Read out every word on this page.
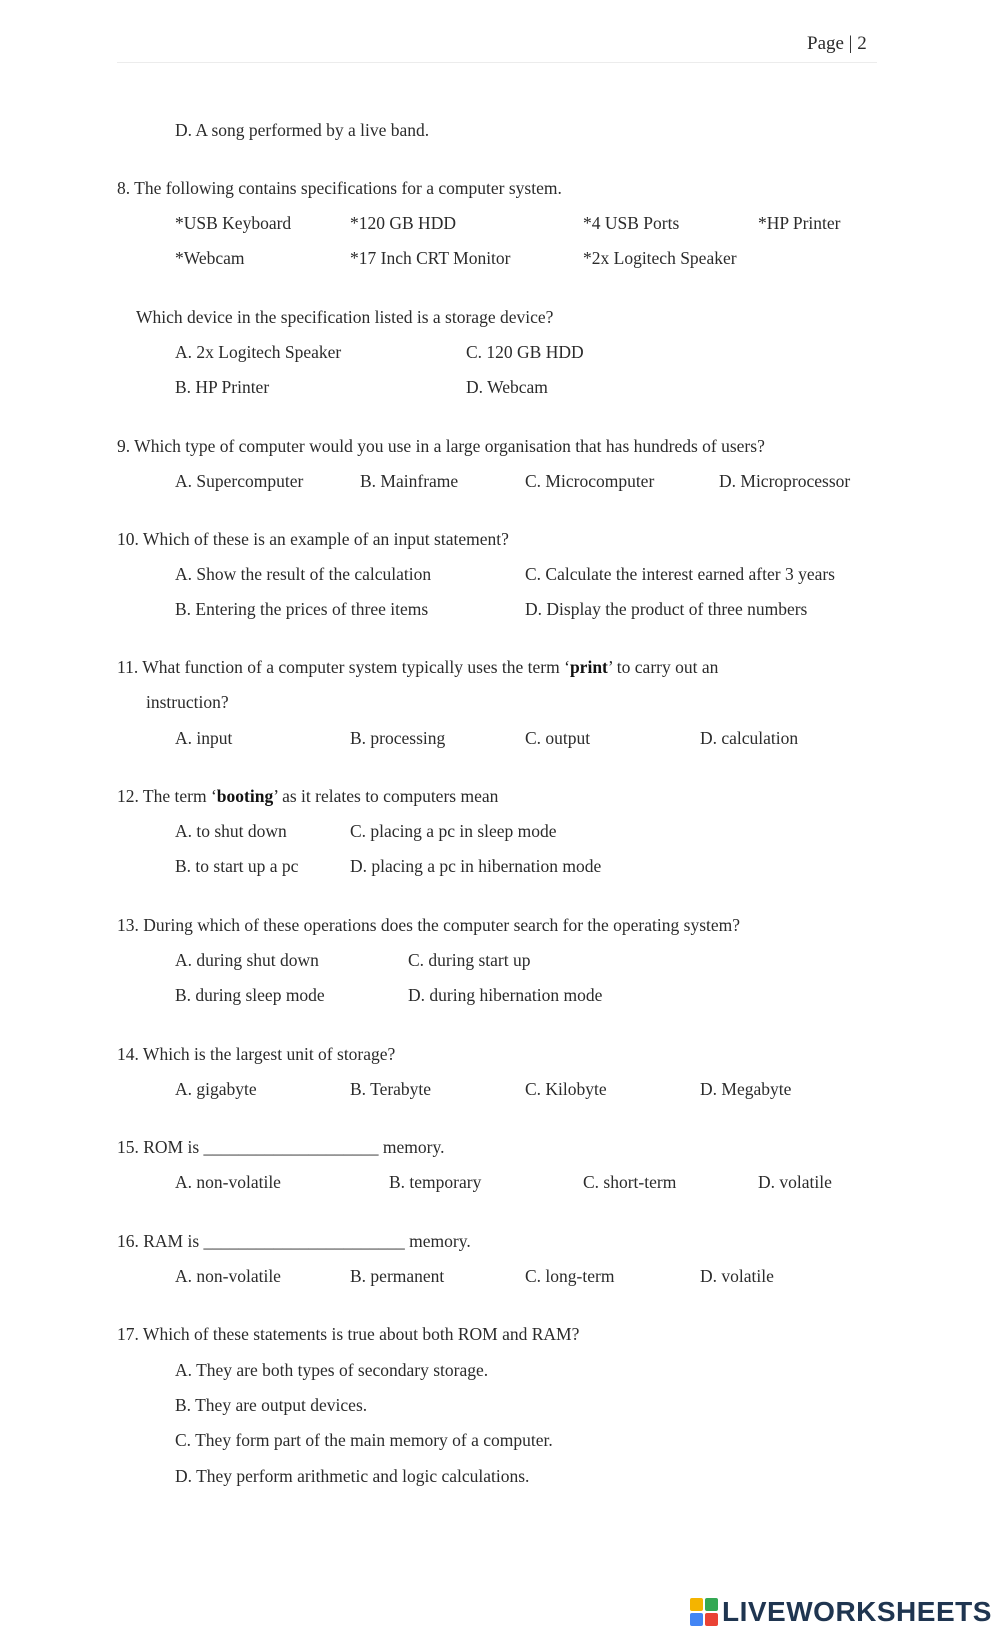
Page | 2
D. A song performed by a live band.
8. The following contains specifications for a computer system.
*USB Keyboard	*120 GB HDD	*4 USB Ports	*HP Printer
*Webcam	*17 Inch CRT Monitor	*2x Logitech Speaker
Which device in the specification listed is a storage device?
A. 2x Logitech Speaker	C. 120 GB HDD
B. HP Printer	D. Webcam
9. Which type of computer would you use in a large organisation that has hundreds of users?
A. Supercomputer	B. Mainframe	C. Microcomputer	D. Microprocessor
10. Which of these is an example of an input statement?
A. Show the result of the calculation	C. Calculate the interest earned after 3 years
B. Entering the prices of three items	D. Display the product of three numbers
11. What function of a computer system typically uses the term ‘print’ to carry out an
instruction?
A. input	B. processing	C. output	D. calculation
12. The term ‘booting’ as it relates to computers mean
A. to shut down	C. placing a pc in sleep mode
B. to start up a pc	D. placing a pc in hibernation mode
13. During which of these operations does the computer search for the operating system?
A. during shut down	C. during start up
B. during sleep mode	D. during hibernation mode
14. Which is the largest unit of storage?
A. gigabyte	B. Terabyte	C. Kilobyte	D. Megabyte
15. ROM is ____________________ memory.
A. non-volatile	B. temporary	C. short-term	D. volatile
16. RAM is _______________________ memory.
A. non-volatile	B. permanent	C. long-term	D. volatile
17. Which of these statements is true about both ROM and RAM?
A. They are both types of secondary storage.
B. They are output devices.
C. They form part of the main memory of a computer.
D. They perform arithmetic and logic calculations.
LIVEWORKSHEETS
